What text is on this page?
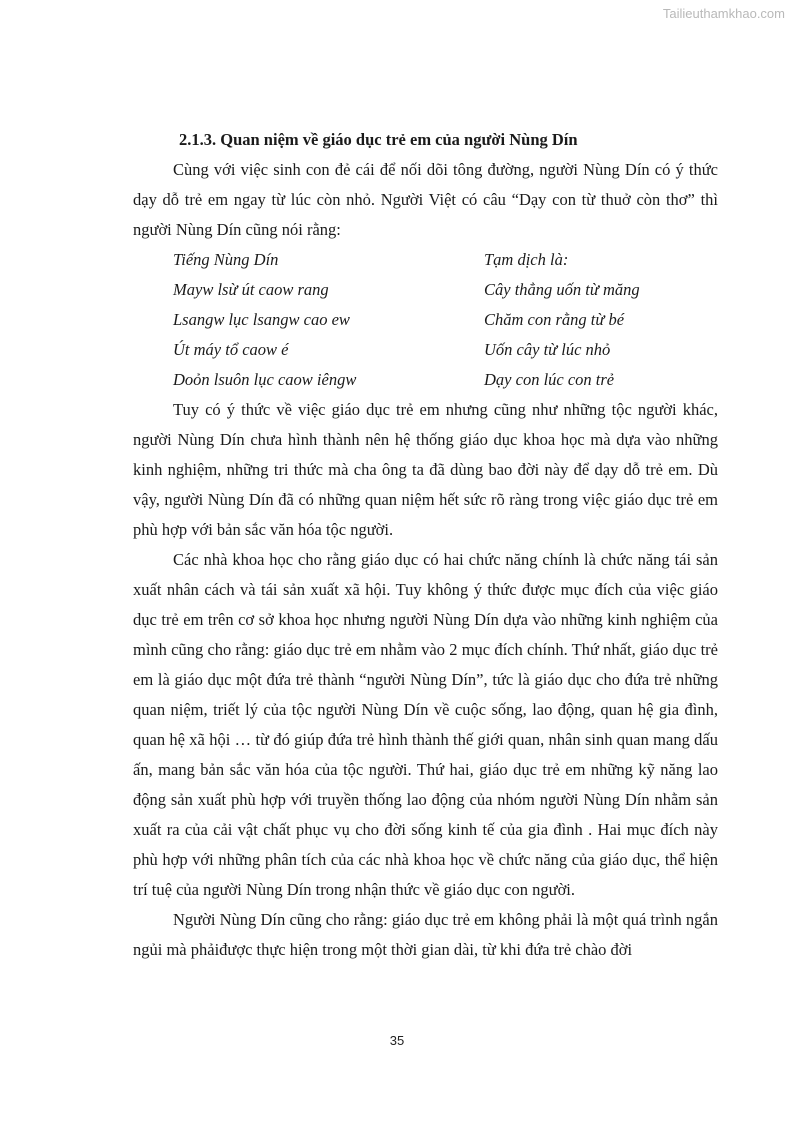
Tailieuthamkhao.com
2.1.3. Quan niệm về giáo dục trẻ em của người Nùng Dín

Cùng với việc sinh con đẻ cái để nối dõi tông đường, người Nùng Dín có ý thức dạy dỗ trẻ em ngay từ lúc còn nhỏ. Người Việt có câu “Dạy con từ thuở còn thơ” thì người Nùng Dín cũng nói rằng:

Tiếng Nùng Dín	Tạm dịch là:
Mayw lsừ út caow rang	Cây thẳng uốn từ măng
Lsangw lục lsangw cao ew	Chăm con rằng từ bé
Út máy tổ caow é	Uốn cây từ lúc nhỏ
Doỏn lsuôn lục caow iêngw	Dạy con lúc con trẻ

Tuy có ý thức về việc giáo dục trẻ em nhưng cũng như những tộc người khác, người Nùng Dín chưa hình thành nên hệ thống giáo dục khoa học mà dựa vào những kinh nghiệm, những tri thức mà cha ông ta đã dùng bao đời này để dạy dỗ trẻ em. Dù vậy, người Nùng Dín đã có những quan niệm hết sức rõ ràng trong việc giáo dục trẻ em phù hợp với bản sắc văn hóa tộc người.

Các nhà khoa học cho rằng giáo dục có hai chức năng chính là chức năng tái sản xuất nhân cách và tái sản xuất xã hội. Tuy không ý thức được mục đích của việc giáo dục trẻ em trên cơ sở khoa học nhưng người Nùng Dín dựa vào những kinh nghiệm của mình cũng cho rằng: giáo dục trẻ em nhằm vào 2 mục đích chính. Thứ nhất, giáo dục trẻ em là giáo dục một đứa trẻ thành “người Nùng Dín”, tức là giáo dục cho đứa trẻ những quan niệm, triết lý của tộc người Nùng Dín về cuộc sống, lao động, quan hệ gia đình, quan hệ xã hội … từ đó giúp đứa trẻ hình thành thế giới quan, nhân sinh quan mang dấu ấn, mang bản sắc văn hóa của tộc người. Thứ hai, giáo dục trẻ em những kỹ năng lao động sản xuất phù hợp với truyền thống lao động của nhóm người Nùng Dín nhằm sản xuất ra của cải vật chất phục vụ cho đời sống kinh tế của gia đình . Hai mục đích này phù hợp với những phân tích của các nhà khoa học về chức năng của giáo dục, thể hiện trí tuệ của người Nùng Dín trong nhận thức về giáo dục con người.

Người Nùng Dín cũng cho rằng: giáo dục trẻ em không phải là một quá trình ngắn ngủi mà phảiđược thực hiện trong một thời gian dài, từ khi đứa trẻ chào đời

35
